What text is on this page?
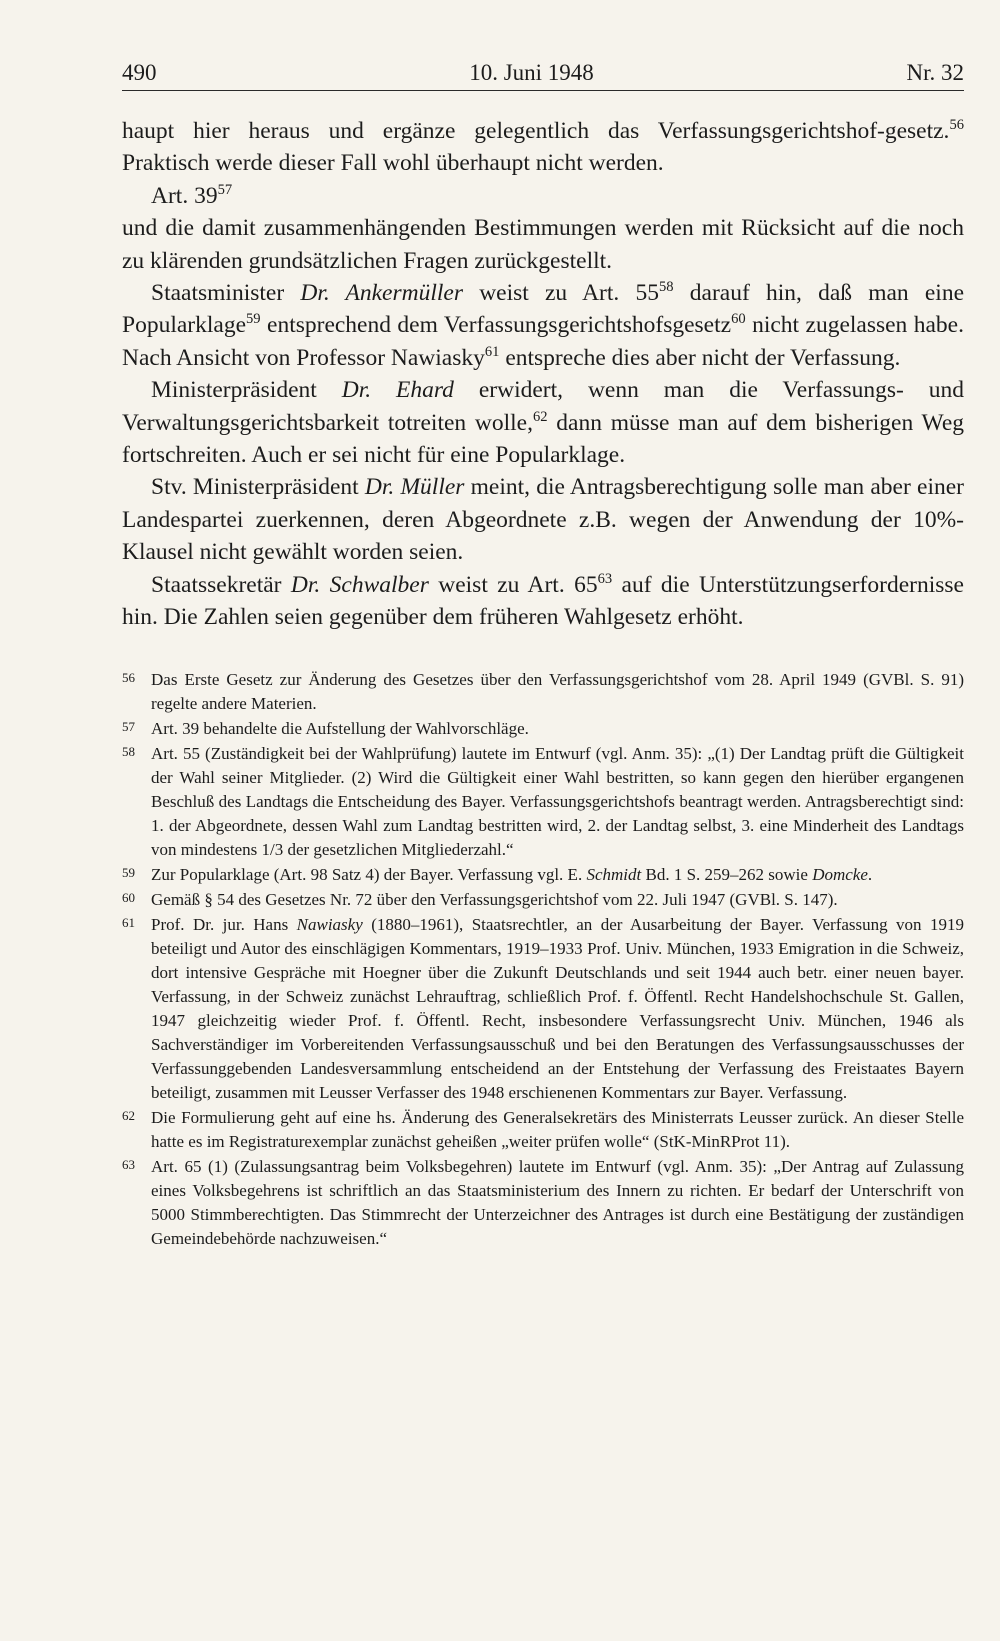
490	10. Juni 1948	Nr. 32

haupt hier heraus und ergänze gelegentlich das Verfassungsgerichtshof-gesetz.$^{56}$ Praktisch werde dieser Fall wohl überhaupt nicht werden.

Art. $39^{57}$

und die damit zusammenhängenden Bestimmungen werden mit Rücksicht auf die noch zu klärenden grundsätzlichen Fragen zurückgestellt.

Staatsminister Dr. Ankermüller weist zu Art. $55^{58}$ darauf hin, daß man eine Popularklage$^{59}$ entsprechend dem Verfassungsgerichtshofsgesetz$^{60}$ nicht zugelassen habe. Nach Ansicht von Professor Nawiasky$^{61}$ entspreche dies aber nicht der Verfassung.

Ministerpräsident Dr. Ehard erwidert, wenn man die Verfassungs- und Verwaltungsgerichtsbarkeit totreiten wolle,$^{62}$ dann müsse man auf dem bisherigen Weg fortschreiten. Auch er sei nicht für eine Popularklage.

Stv. Ministerpräsident Dr. Müller meint, die Antragsberechtigung solle man aber einer Landespartei zuerkennen, deren Abgeordnete z.B. wegen der Anwendung der 10%-Klausel nicht gewählt worden seien.

Staatssekretär Dr. Schwalber weist zu Art. $65^{63}$ auf die Unterstützungserfordernisse hin. Die Zahlen seien gegenüber dem früheren Wahlgesetz erhöht.

56 Das Erste Gesetz zur Änderung des Gesetzes über den Verfassungsgerichtshof vom 28. April 1949 (GVBl. S. 91) regelte andere Materien.
57 Art. 39 behandelte die Aufstellung der Wahlvorschläge.
58 Art. 55 (Zuständigkeit bei der Wahlprüfung) lautete im Entwurf (vgl. Anm. 35): „(1) Der Landtag prüft die Gültigkeit der Wahl seiner Mitglieder. (2) Wird die Gültigkeit einer Wahl bestritten, so kann gegen den hierüber ergangenen Beschluß des Landtags die Entscheidung des Bayer. Verfassungsgerichtshofs beantragt werden. Antragsberechtigt sind: 1. der Abgeordnete, dessen Wahl zum Landtag bestritten wird, 2. der Landtag selbst, 3. eine Minderheit des Landtags von mindestens 1/3 der gesetzlichen Mitgliederzahl.“
59 Zur Popularklage (Art. 98 Satz 4) der Bayer. Verfassung vgl. E. Schmidt Bd. 1 S. 259–262 sowie Domcke.
60 Gemäß § 54 des Gesetzes Nr. 72 über den Verfassungsgerichtshof vom 22. Juli 1947 (GVBl. S. 147).
61 Prof. Dr. jur. Hans Nawiasky (1880–1961), Staatsrechtler, an der Ausarbeitung der Bayer. Verfassung von 1919 beteiligt und Autor des einschlägigen Kommentars, 1919–1933 Prof. Univ. München, 1933 Emigration in die Schweiz, dort intensive Gespräche mit Hoegner über die Zukunft Deutschlands und seit 1944 auch betr. einer neuen bayer. Verfassung, in der Schweiz zunächst Lehrauftrag, schließlich Prof. f. Öffentl. Recht Handelshochschule St. Gallen, 1947 gleichzeitig wieder Prof. f. Öffentl. Recht, insbesondere Verfassungsrecht Univ. München, 1946 als Sachverständiger im Vorbereitenden Verfassungsausschuß und bei den Beratungen des Verfassungsausschusses der Verfassunggebenden Landesversammlung entscheidend an der Entstehung der Verfassung des Freistaates Bayern beteiligt, zusammen mit Leusser Verfasser des 1948 erschienenen Kommentars zur Bayer. Verfassung.
62 Die Formulierung geht auf eine hs. Änderung des Generalsekretärs des Ministerrats Leusser zurück. An dieser Stelle hatte es im Registraturexemplar zunächst geheißen „weiter prüfen wolle“ (StK-MinRProt 11).
63 Art. 65 (1) (Zulassungsantrag beim Volksbegehren) lautete im Entwurf (vgl. Anm. 35): „Der Antrag auf Zulassung eines Volksbegehrens ist schriftlich an das Staatsministerium des Innern zu richten. Er bedarf der Unterschrift von 5000 Stimmberechtigten. Das Stimmrecht der Unterzeichner des Antrages ist durch eine Bestätigung der zuständigen Gemeindebehörde nachzuweisen.“
